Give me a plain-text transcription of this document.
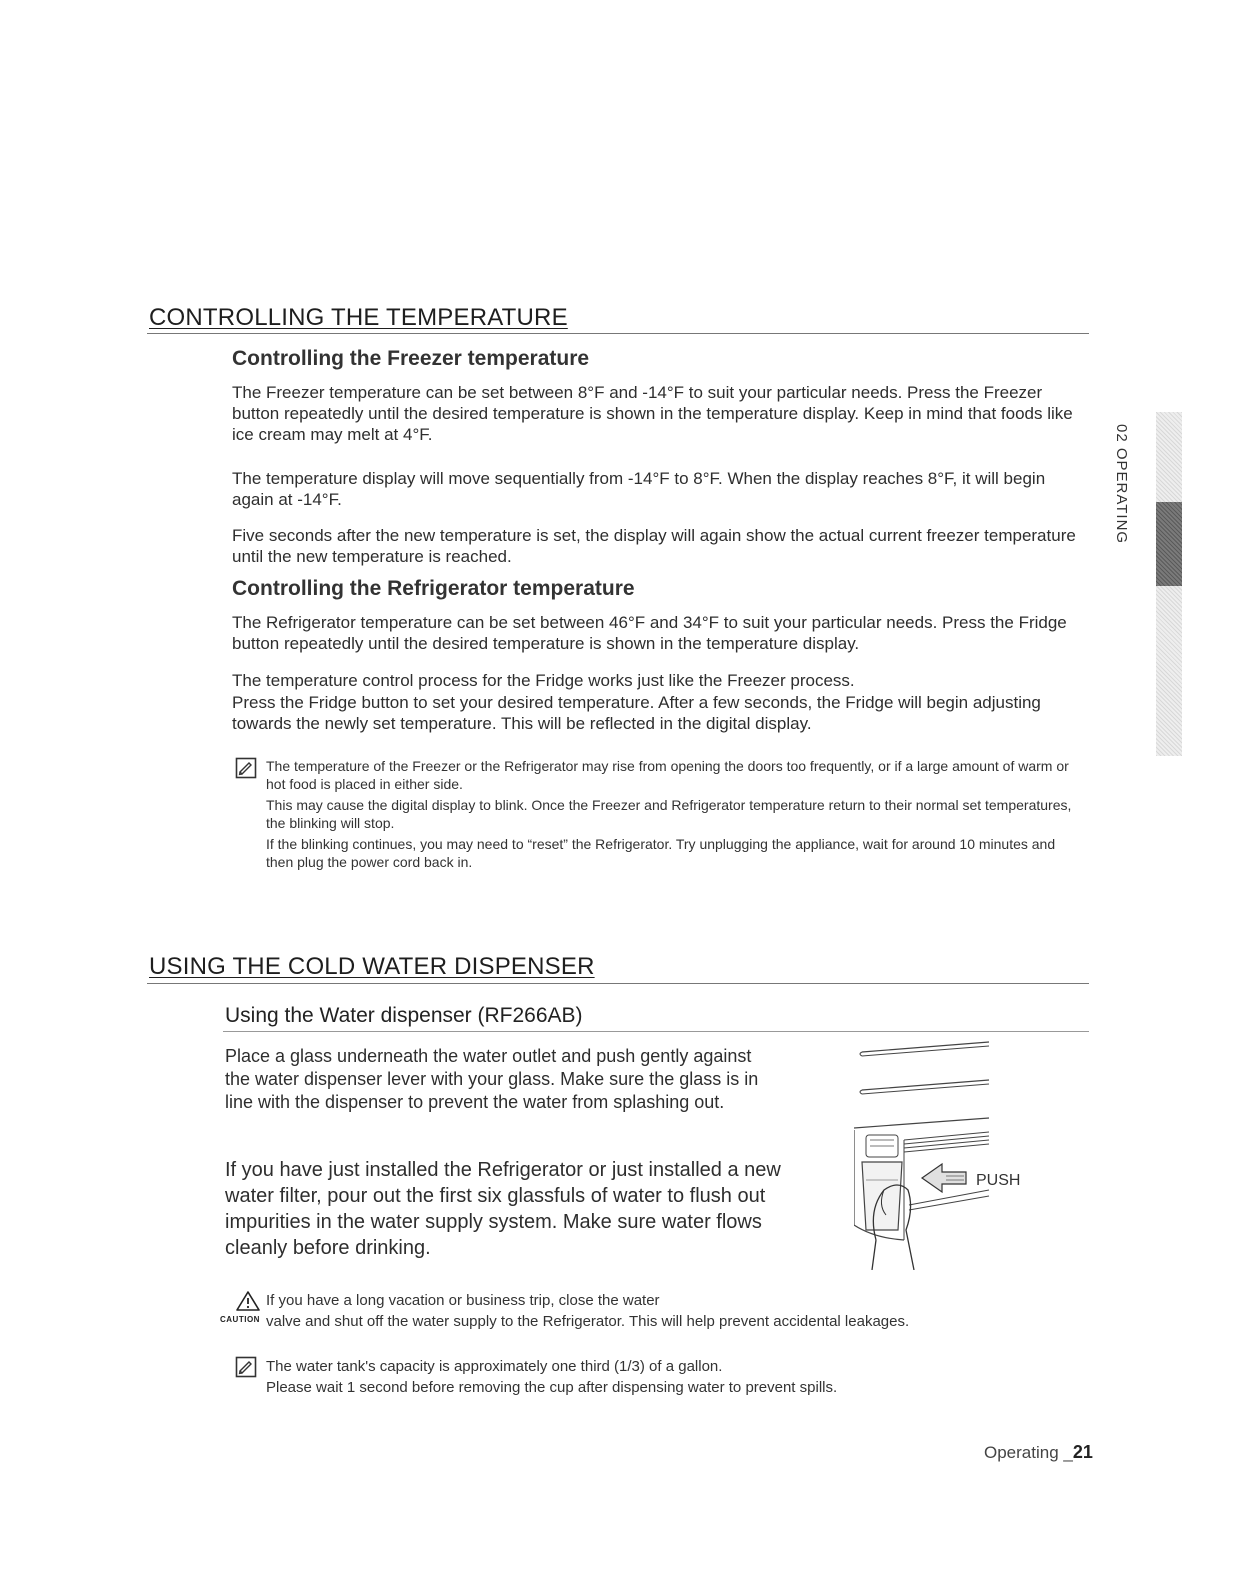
02 OPERATING
CONTROLLING THE TEMPERATURE
Controlling the Freezer temperature

The Freezer temperature can be set between 8°F and -14°F to suit your particular needs. Press the Freezer button repeatedly until the desired temperature is shown in the temperature display. Keep in mind that foods like ice cream may melt at 4°F.

The temperature display will move sequentially from -14°F to 8°F. When the display reaches 8°F, it will begin again at -14°F.

Five seconds after the new temperature is set, the display will again show the actual current freezer temperature until the new temperature is reached.

Controlling the Refrigerator temperature

The Refrigerator temperature can be set between 46°F and 34°F to suit your particular needs. Press the Fridge button repeatedly until the desired temperature is shown in the temperature display.

The temperature control process for the Fridge works just like the Freezer process.

Press the Fridge button to set your desired temperature. After a few seconds, the Fridge will begin adjusting towards the newly set temperature. This will be reflected in the digital display.

The temperature of the Freezer or the Refrigerator may rise from opening the doors too frequently, or if a large amount of warm or hot food is placed in either side.

This may cause the digital display to blink. Once the Freezer and Refrigerator temperature return to their normal set temperatures, the blinking will stop.

If the blinking continues, you may need to “reset” the Refrigerator. Try unplugging the appliance, wait for around 10 minutes and then plug the power cord back in.

USING THE COLD WATER DISPENSER
Using the Water dispenser (RF266AB)

Place a glass underneath the water outlet and push gently against the water dispenser lever with your glass. Make sure the glass is in line with the dispenser to prevent the water from splashing out.

If you have just installed the Refrigerator or just installed a new water filter, pour out the first six glassfuls of water to flush out impurities in the water supply system. Make sure water flows cleanly before drinking.

PUSH
CAUTION

If you have a long vacation or business trip, close the water

valve and shut off the water supply to the Refrigerator. This will help prevent accidental leakages.

The water tank's capacity is approximately one third (1/3) of a gallon.

Please wait 1 second before removing the cup after dispensing water to prevent spills.

Operating _21
